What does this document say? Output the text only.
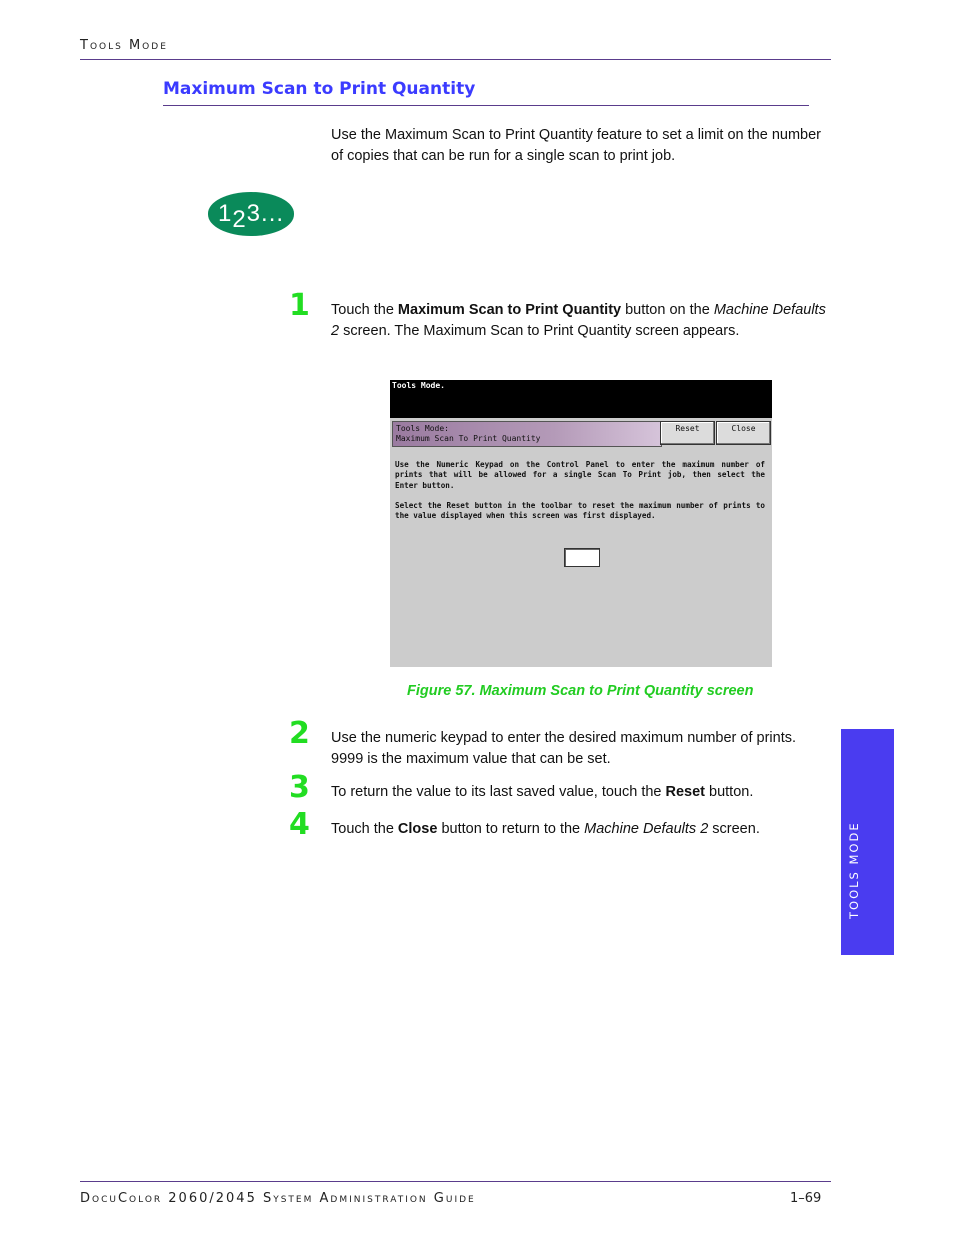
Tools Mode
Maximum Scan to Print Quantity
Use the Maximum Scan to Print Quantity feature to set a limit on the number of copies that can be run for a single scan to print job.
1 2 3...
1 Touch the Maximum Scan to Print Quantity button on the Machine Defaults 2 screen. The Maximum Scan to Print Quantity screen appears.
Tools Mode.
Tools Mode:
Maximum Scan To Print Quantity
Reset	Close
Use the Numeric Keypad on the Control Panel to enter the maximum number of prints that will be allowed for a single Scan To Print job, then select the Enter button.
Select the Reset button in the toolbar to reset the maximum number of prints to the value displayed when this screen was first displayed.
Figure 57. Maximum Scan to Print Quantity screen
2 Use the numeric keypad to enter the desired maximum number of prints. 9999 is the maximum value that can be set.
3 To return the value to its last saved value, touch the Reset button.
4 Touch the Close button to return to the Machine Defaults 2 screen.	TOOLS MODE
DocuColor 2060/2045 System Administration Guide	1–69
